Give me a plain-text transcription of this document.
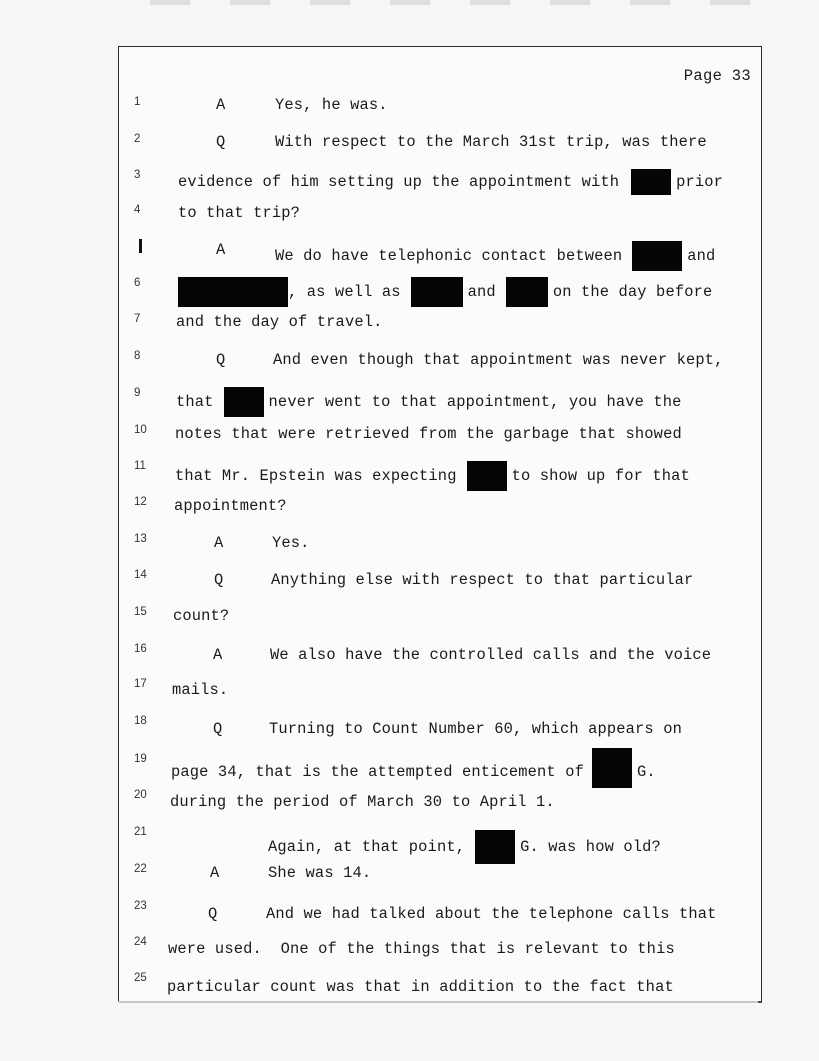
Page 33
1
2
3
4
6
7
8
9
10
11
12
13
14
15
16
17
18
19
20
21
22
23
24
25
A	Yes, he was.
Q	With respect to the March 31st trip, was there
evidence of him setting up the appointment with	prior
to that trip?
A	We do have telephonic contact between	and
, as well as	and	on the day before
and the day of travel.
Q	And even though that appointment was never kept,
that	never went to that appointment, you have the
notes that were retrieved from the garbage that showed
that Mr. Epstein was expecting	to show up for that
appointment?
A	Yes.
Q	Anything else with respect to that particular
count?
A	We also have the controlled calls and the voice
mails.
Q	Turning to Count Number 60, which appears on
page 34, that is the attempted enticement of	G.
during the period of March 30 to April 1.
Again, at that point,	G. was how old?
A	She was 14.
Q	And we had talked about the telephone calls that
were used.  One of the things that is relevant to this
particular count was that in addition to the fact that
